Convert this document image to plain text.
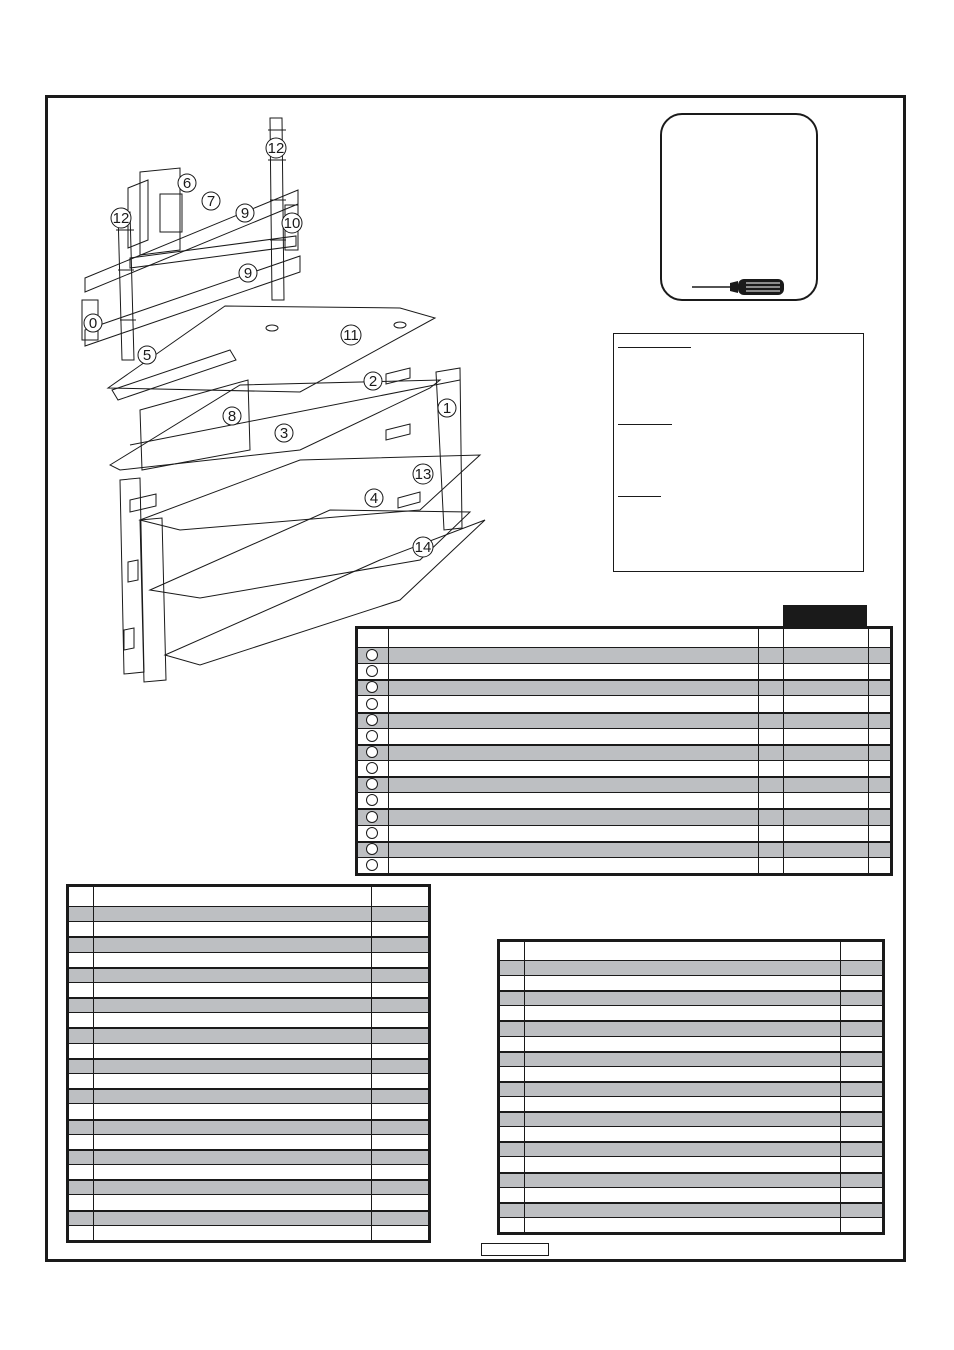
12
6
7
9
10
12
9
0
5
11
2
1
8
3
13
4
14
